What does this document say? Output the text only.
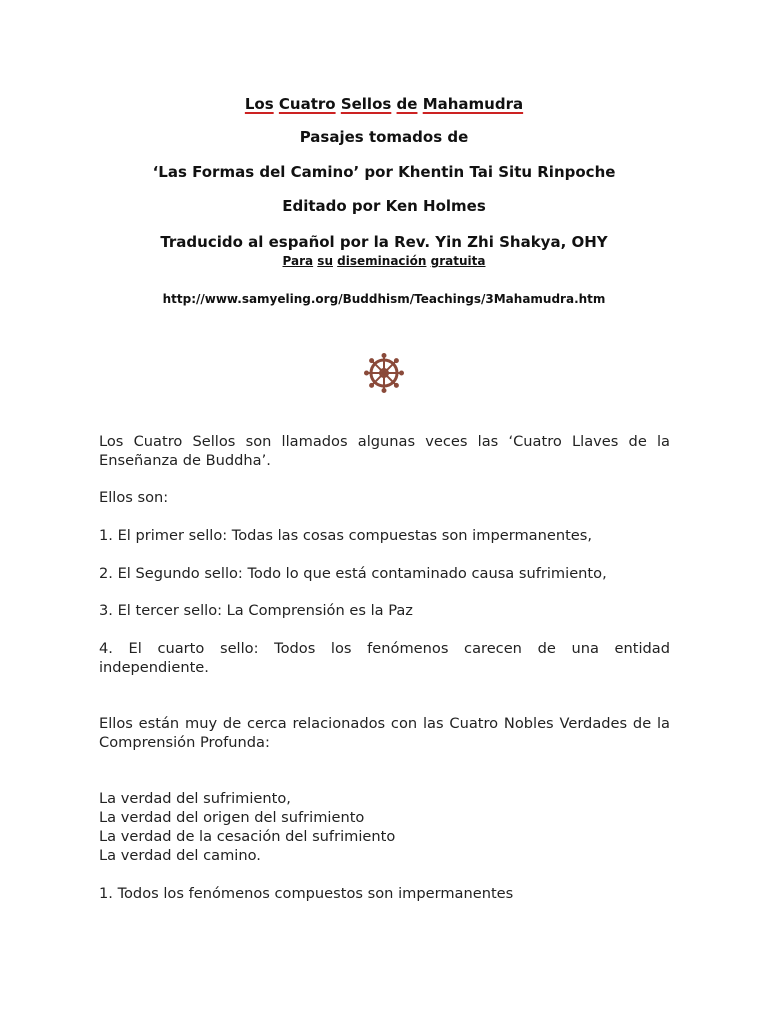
Los Cuatro Sellos de Mahamudra
Pasajes tomados de
‘Las Formas del Camino’ por Khentin Tai Situ Rinpoche
Editado por Ken Holmes
Traducido al español por la Rev. Yin Zhi Shakya, OHY
Para su diseminación gratuita
http://www.samyeling.org/Buddhism/Teachings/3Mahamudra.htm
Los Cuatro Sellos son llamados algunas veces las ‘Cuatro Llaves de la Enseñanza de Buddha’.
Ellos son:
1. El primer sello: Todas las cosas compuestas son impermanentes,
2. El Segundo sello: Todo lo que está contaminado causa sufrimiento,
3. El tercer sello: La Comprensión es la Paz
4. El cuarto sello: Todos los fenómenos carecen de una entidad independiente.
Ellos están muy de cerca relacionados con las Cuatro Nobles Verdades de la Comprensión Profunda:
La verdad del sufrimiento,
La verdad del origen del sufrimiento
La verdad de la cesación del sufrimiento
La verdad del camino.
1. Todos los fenómenos compuestos son impermanentes
